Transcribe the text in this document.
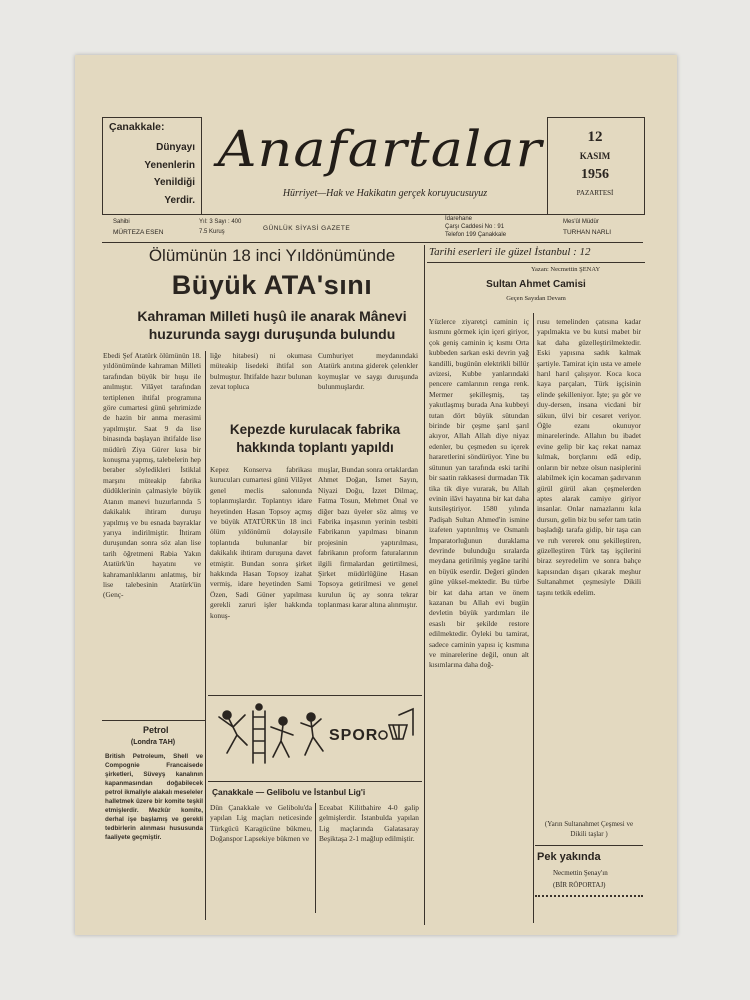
Çanakkale:

Dünyayı

Yenenlerin

Yenildiği

Yerdir.

Anafartalar
Hürriyet—Hak ve Hakikatın gerçek koruyucusuyuz
12
KASIM
1956
PAZARTESİ
Sahibi
MÜRTEZA ESEN
Yıl: 3 Sayı : 400
7.5 Kuruş	GÜNLÜK SİYASİ GAZETE
İdarehane
Çarşı Caddesi No : 91
Telefon 199 Çanakkale
Mes'ûl Müdür
TURHAN NARLI
Ölümünün 18 inci Yıldönümünde
Büyük ATA'sını
Kahraman Milleti huşû ile anarak Mânevi
huzurunda saygı duruşunda bulundu

Ebedi Şef Atatürk ölümünün 18. yıldönümünde kahraman Milleti tarafından büyük bir huşu ile anılmıştır. Vilâyet tarafından tertiplenen ihtifal programına göre cumartesi günü şehrimizde de hazin bir anma merasimi yapılmıştır. Saat 9 da lise binasında başlayan ihtifalde lise müdürü Ziya Gürer kısa bir konuşma yapmış, talebelerin hep beraber söyledikleri İstiklal marşını müteakip fabrika düdüklerinin çalmasiyle büyük Atanın manevi huzurlarında 5 dakikalık ihtiram duruşu yapılmış ve bu esnada bayraklar yarıya indirilmiştir. İhtiram duruşundan sonra söz alan lise tarih öğretmeni Rabia Yakın Atatürk'ün hayatını ve kahramanlıklarını anlatmış, bir lise talebesinin Atatürk'ün (Genç-

liğe hitabesi) ni okuması müteakip lisedeki ihtifal son bulmuştur. İhtifalde hazır bulunan zevat topluca

Cumhuriyet meydanındaki Atatürk anıtına giderek çelenkler koymuşlar ve saygı duruşunda bulunmuşlardır.

Kepezde kurulacak fabrika
hakkında toplantı yapıldı

Kepez Konserva fabrikası kurucuları cumartesi günü Vilâyet genel meclis salonunda toplanmışlardır. Toplantıyı idare heyetinden Hasan Topsoy açmış ve büyük ATATÜRK'ün 18 inci ölüm yıldönümü dolayısile toplantıda bulunanlar bir dakikalık ihtiram duruşuna davet etmiştir. Bundan sonra şirket hakkında Hasan Topsoy izahat vermiş, idare heyetinden Sami Özen, Sadi Güner yapılması gerekli zaruri işler hakkında konuş-

muşlar, Bundan sonra ortaklardan Ahmet Doğan, İsmet Sayın, Niyazi Doğu, İzzet Dilmaç, Fatma Tosun, Mehmet Önal ve diğer bazı üyeler söz almış ve Fabrika inşasının yerinin tesbiti Fabrikanın yapılması binanın projesinin yaptırılması, fabrikanın proform faturalarının ilgili firmalardan getirtilmesi, Şirket müdürlüğüne Hasan Topsoya getirilmesi ve genel kurulun üç ay sonra tekrar toplanması karar altına alınmıştır.

Petrol
(Londra TAH)

British Petroleum, Shell ve Compognie Francaisede şirketleri, Süveyş kanalının kapanmasından doğabilecek petrol ikmaliyle alakalı meseleler halletmek üzere bir komite teşkil etmişlerdir. Mezkûr komite, derhal işe başlamış ve gerekli tedbirlerin alınması hususunda faaliyete geçmiştir.

SPOR
Çanakkale — Gelibolu ve İstanbul Lig'i

Dün Çanakkale ve Gelibolu'da yapılan Lig maçları neticesinde Türkgücü Karagücüne bükmeu, Doğanspor Lapsekiye bükmen ve

Eceabat Kilitbahire 4-0 galip gelmişlerdir. İstanbulda yapılan Lig maçlarında Galatasaray Beşiktaşa 2-1 mağlup edilmiştir.

Tarihi eserleri ile güzel İstanbul : 12
Yazan: Necmettin ŞENAY
Sultan Ahmet Camisi
Geçen Sayıdan Devam

Yüzlerce ziyaretçi caminin iç kısmını görmek için içeri giriyor, çok geniş caminin iç kısmı Orta kubbeden sarkan eski devrin yağ kandilli, bugünün elektrikli billür avizesi, Kubbe yanlarındaki pencere camlarının renga renk. Mermer şekilleşmiş, taş yakutlaşmış burada Ana kubbeyi tutan dört büyük sütundan birinde bir çeşme şarıl şarıl akıyor, Allah Allah diye niyaz edenler, bu çeşmeden su içerek hararetlerini söndürüyor. Yine bu sütunun yan tarafında eski tarihi bir saatin rakkasesi durmadan Tik tika tik diye vurarak, bu Allah evinin ilâvi hayatına bir kat daha kutsileştiriyor. 1580 yılında Padişah Sultan Ahmed'in ismine izafeten yaptırılmış ve Osmanlı İmparatorluğunun duraklama devrinde bulunduğu sıralarda meydana getirilmiş yegâne tarihi en büyük eserdir. Değeri günden güne yüksel-mektedir. Bu türbe bir kat daha artan ve önem kazanan bu Allah evi bugün devletin büyük yardımları ile esaslı bir şekilde restore edilmektedir. Öyleki bu tamirat, sadece caminin yapısı iç kısmına ve minarelerine değil, onun alt kısımlarına daha doğ-

rusu temelinden çatısına kadar yapılmakta ve bu kutsi mabet bir kat daha güzelleştirilmektedir. Eski yapısına sadık kalmak şartiyle. Tamirat için usta ve amele harıl harıl çalışıyor. Koca koca kaya parçaları, Türk işçisinin elinde şekilleniyor. İşte; şu gör ve duy-dersen, insana vicdani bir sükun, ülvi bir cesaret veriyor. Öğle ezanı okunuyor minarelerinde. Allahın bu ibadet evine gelip bir kaç rekat namaz kılmak, borçlarını edâ edip, onların bir nebze olsun nasiplerini alabilmek için kocaman şadırvanın gürül gürül akan çeşmelerden aptes alarak camiye giriyor insanlar. Onlar namazlarını kıla dursun, gelin biz bu sefer tam tatin başladığı tarafa gidip, bir taşa can ve ruh vererek onu şekilleştiren, güzelleştiren Türk taş işçilerini biraz seyredelim ve sonra bahçe kapısından dışarı çıkarak meşhur Sultanahmet çeşmesiyle Dikili taşını tetkik edelim.

(Yarın Sultanahmet Çeşmesi ve Dikili taşlar )
Pek yakında
Necmettin Şenay'ın
(BİR RÖPORTAJ)
